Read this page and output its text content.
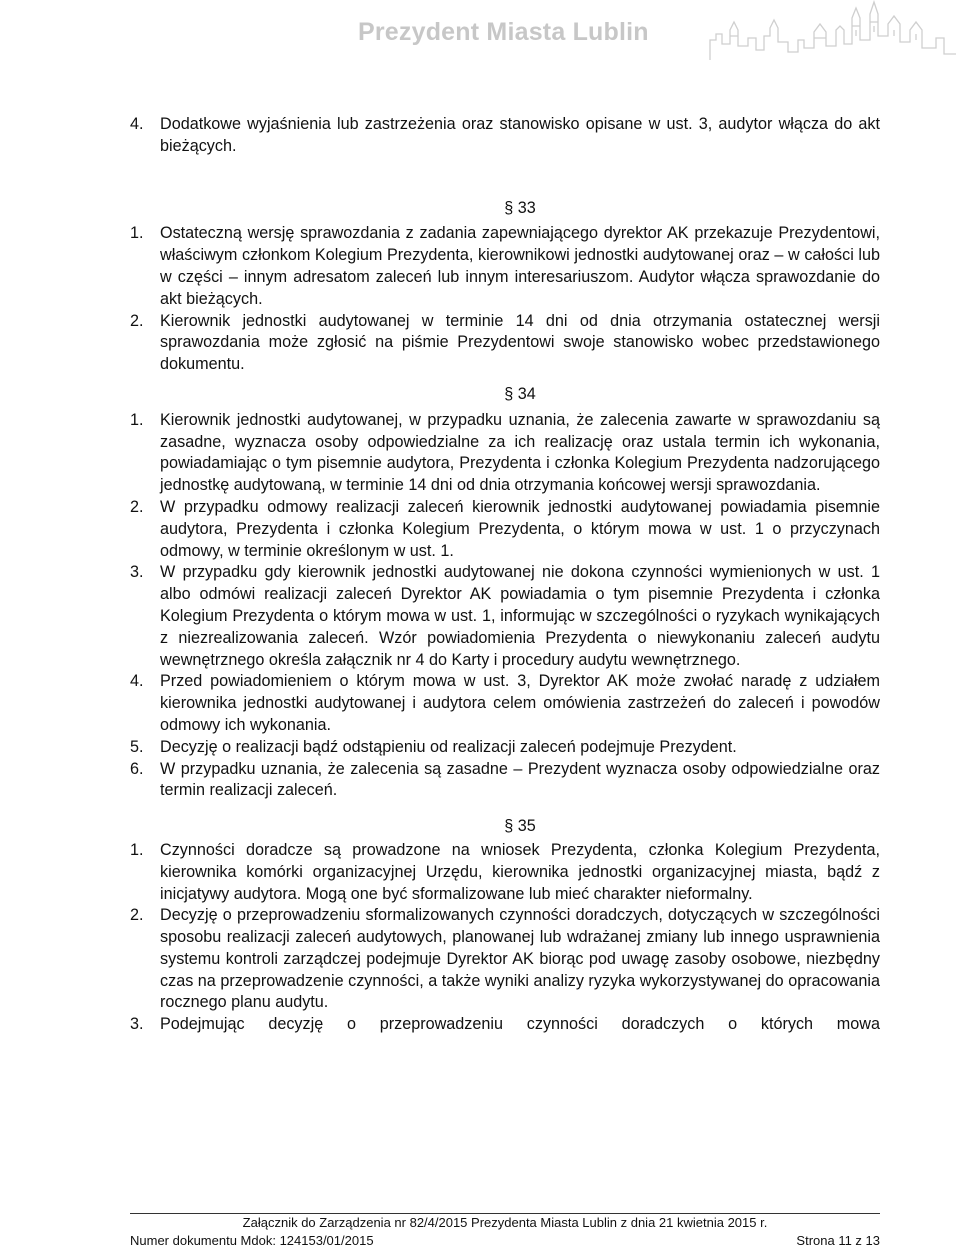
Prezydent Miasta Lublin
4.	Dodatkowe wyjaśnienia lub zastrzeżenia oraz stanowisko opisane w ust. 3, audytor włącza do akt bieżących.
§ 33
1.	Ostateczną wersję sprawozdania z zadania zapewniającego dyrektor AK przekazuje Prezydentowi, właściwym członkom Kolegium Prezydenta, kierownikowi jednostki audytowanej oraz – w całości lub w części – innym adresatom zaleceń lub innym interesariuszom. Audytor włącza sprawozdanie do akt bieżących.
2.	Kierownik jednostki audytowanej w terminie 14 dni od dnia otrzymania ostatecznej wersji sprawozdania może zgłosić na piśmie Prezydentowi swoje stanowisko wobec przedstawionego dokumentu.
§ 34
1.	Kierownik jednostki audytowanej, w przypadku uznania, że zalecenia zawarte w sprawozdaniu są zasadne, wyznacza osoby odpowiedzialne za ich realizację oraz ustala termin ich wykonania, powiadamiając o tym pisemnie audytora, Prezydenta i członka Kolegium Prezydenta nadzorującego jednostkę audytowaną, w terminie 14 dni od dnia otrzymania końcowej wersji sprawozdania.
2.	W przypadku odmowy realizacji zaleceń kierownik jednostki audytowanej powiadamia pisemnie audytora, Prezydenta i członka Kolegium Prezydenta, o którym mowa w ust. 1 o przyczynach odmowy, w terminie określonym w ust. 1.
3.	W przypadku gdy kierownik jednostki audytowanej nie dokona czynności wymienionych w ust. 1 albo odmówi realizacji zaleceń Dyrektor AK powiadamia o tym pisemnie Prezydenta i członka Kolegium Prezydenta o którym mowa w ust. 1, informując w szczególności o ryzykach wynikających z niezrealizowania zaleceń. Wzór powiadomienia Prezydenta o niewykonaniu zaleceń audytu wewnętrznego określa załącznik nr 4 do Karty i procedury audytu wewnętrznego.
4.	Przed powiadomieniem o którym mowa w ust. 3, Dyrektor AK może zwołać naradę z udziałem kierownika jednostki audytowanej i audytora celem omówienia zastrzeżeń do zaleceń i powodów odmowy ich wykonania.
5.	Decyzję o realizacji bądź odstąpieniu od realizacji zaleceń podejmuje Prezydent.
6.	W przypadku uznania, że zalecenia są zasadne – Prezydent wyznacza osoby odpowiedzialne oraz termin realizacji zaleceń.
§ 35
1.	Czynności doradcze są prowadzone na wniosek Prezydenta, członka Kolegium Prezydenta, kierownika komórki organizacyjnej Urzędu, kierownika jednostki organizacyjnej miasta, bądź z inicjatywy audytora. Mogą one być sformalizowane lub mieć charakter nieformalny.
2.	Decyzję o przeprowadzeniu sformalizowanych czynności doradczych, dotyczących w szczególności sposobu realizacji zaleceń audytowych, planowanej lub wdrażanej zmiany lub innego usprawnienia systemu kontroli zarządczej podejmuje Dyrektor AK biorąc pod uwagę zasoby osobowe, niezbędny czas na przeprowadzenie czynności, a także wyniki analizy ryzyka wykorzystywanej do opracowania rocznego planu audytu.
3.	Podejmując decyzję o przeprowadzeniu czynności doradczych o których mowa
Załącznik do Zarządzenia nr 82/4/2015 Prezydenta Miasta Lublin z dnia 21 kwietnia 2015 r.
Numer dokumentu Mdok: 124153/01/2015	Strona 11 z 13
